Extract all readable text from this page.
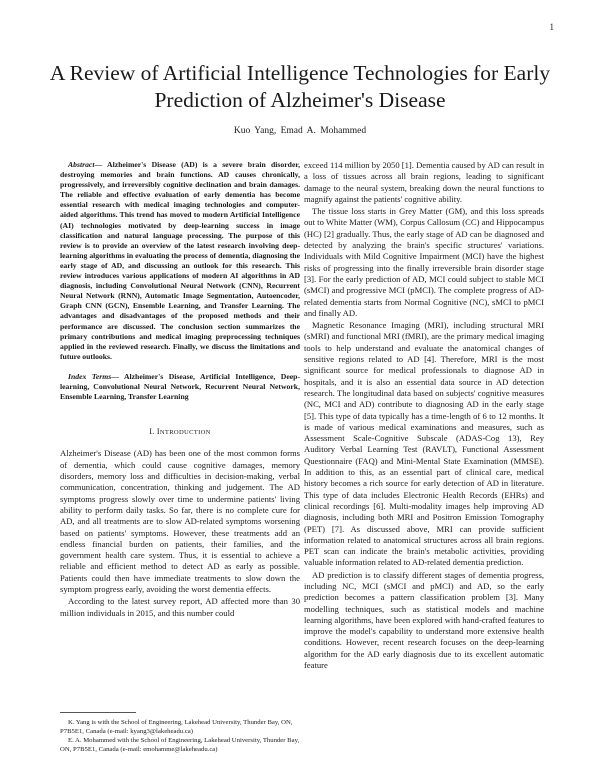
1
A Review of Artificial Intelligence Technologies for Early Prediction of Alzheimer's Disease
Kuo Yang, Emad A. Mohammed

Abstract— Alzheimer's Disease (AD) is a severe brain disorder, destroying memories and brain functions. AD causes chronically, progressively, and irreversibly cognitive declination and brain damages. The reliable and effective evaluation of early dementia has become essential research with medical imaging technologies and computer-aided algorithms. This trend has moved to modern Artificial Intelligence (AI) technologies motivated by deep-learning success in image classification and natural language processing. The purpose of this review is to provide an overview of the latest research involving deep-learning algorithms in evaluating the process of dementia, diagnosing the early stage of AD, and discussing an outlook for this research. This review introduces various applications of modern AI algorithms in AD diagnosis, including Convolutional Neural Network (CNN), Recurrent Neural Network (RNN), Automatic Image Segmentation, Autoencoder, Graph CNN (GCN), Ensemble Learning, and Transfer Learning. The advantages and disadvantages of the proposed methods and their performance are discussed. The conclusion section summarizes the primary contributions and medical imaging preprocessing techniques applied in the reviewed research. Finally, we discuss the limitations and future outlooks.

Index Terms— Alzheimer's Disease, Artificial Intelligence, Deep-learning, Convolutional Neural Network, Recurrent Neural Network, Ensemble Learning, Transfer Learning

I. INTRODUCTION

Alzheimer's Disease (AD) has been one of the most common forms of dementia, which could cause cognitive damages, memory disorders, memory loss and difficulties in decision-making, verbal communication, concentration, thinking and judgement. The AD symptoms progress slowly over time to undermine patients' living ability to perform daily tasks. So far, there is no complete cure for AD, and all treatments are to slow AD-related symptoms worsening based on patients' symptoms. However, these treatments add an endless financial burden on patients, their families, and the government health care system. Thus, it is essential to achieve a reliable and efficient method to detect AD as early as possible. Patients could then have immediate treatments to slow down the symptom progress early, avoiding the worst dementia effects.

According to the latest survey report, AD affected more than 30 million individuals in 2015, and this number could

K. Yang is with the School of Engineering, Lakehead University, Thunder Bay, ON, P7B5E1, Canada (e-mail: kyang3@lakeheadu.ca)

E. A. Mohammed with the School of Engineering, Lakehead University, Thunder Bay, ON, P7B5E1, Canada (e-mail: emohamme@lakeheadu.ca)

exceed 114 million by 2050 [1]. Dementia caused by AD can result in a loss of tissues across all brain regions, leading to significant damage to the neural system, breaking down the neural functions to magnify against the patients' cognitive ability.

The tissue loss starts in Grey Matter (GM), and this loss spreads out to White Matter (WM), Corpus Callosum (CC) and Hippocampus (HC) [2] gradually. Thus, the early stage of AD can be diagnosed and detected by analyzing the brain's specific structures' variations. Individuals with Mild Cognitive Impairment (MCI) have the highest risks of progressing into the finally irreversible brain disorder stage [3]. For the early prediction of AD, MCI could subject to stable MCI (sMCI) and progressive MCI (pMCI). The complete progress of AD-related dementia starts from Normal Cognitive (NC), sMCI to pMCI and finally AD.

Magnetic Resonance Imaging (MRI), including structural MRI (sMRI) and functional MRI (fMRI), are the primary medical imaging tools to help understand and evaluate the anatomical changes of sensitive regions related to AD [4]. Therefore, MRI is the most significant source for medical professionals to diagnose AD in hospitals, and it is also an essential data source in AD detection research. The longitudinal data based on subjects' cognitive measures (NC, MCI and AD) contribute to diagnosing AD in the early stage [5]. This type of data typically has a time-length of 6 to 12 months. It is made of various medical examinations and measures, such as Assessment Scale-Cognitive Subscale (ADAS-Cog 13), Rey Auditory Verbal Learning Test (RAVLT), Functional Assessment Questionnaire (FAQ) and Mini-Mental State Examination (MMSE). In addition to this, as an essential part of clinical care, medical history becomes a rich source for early detection of AD in literature. This type of data includes Electronic Health Records (EHRs) and clinical recordings [6]. Multi-modality images help improving AD diagnosis, including both MRI and Positron Emission Tomography (PET) [7]. As discussed above, MRI can provide sufficient information related to anatomical structures across all brain regions. PET scan can indicate the brain's metabolic activities, providing valuable information related to AD-related dementia prediction.

AD prediction is to classify different stages of dementia progress, including NC, MCI (sMCI and pMCI) and AD, so the early prediction becomes a pattern classification problem [3]. Many modelling techniques, such as statistical models and machine learning algorithms, have been explored with hand-crafted features to improve the model's capability to understand more extensive health conditions. However, recent research focuses on the deep-learning algorithm for the AD early diagnosis due to its excellent automatic feature
